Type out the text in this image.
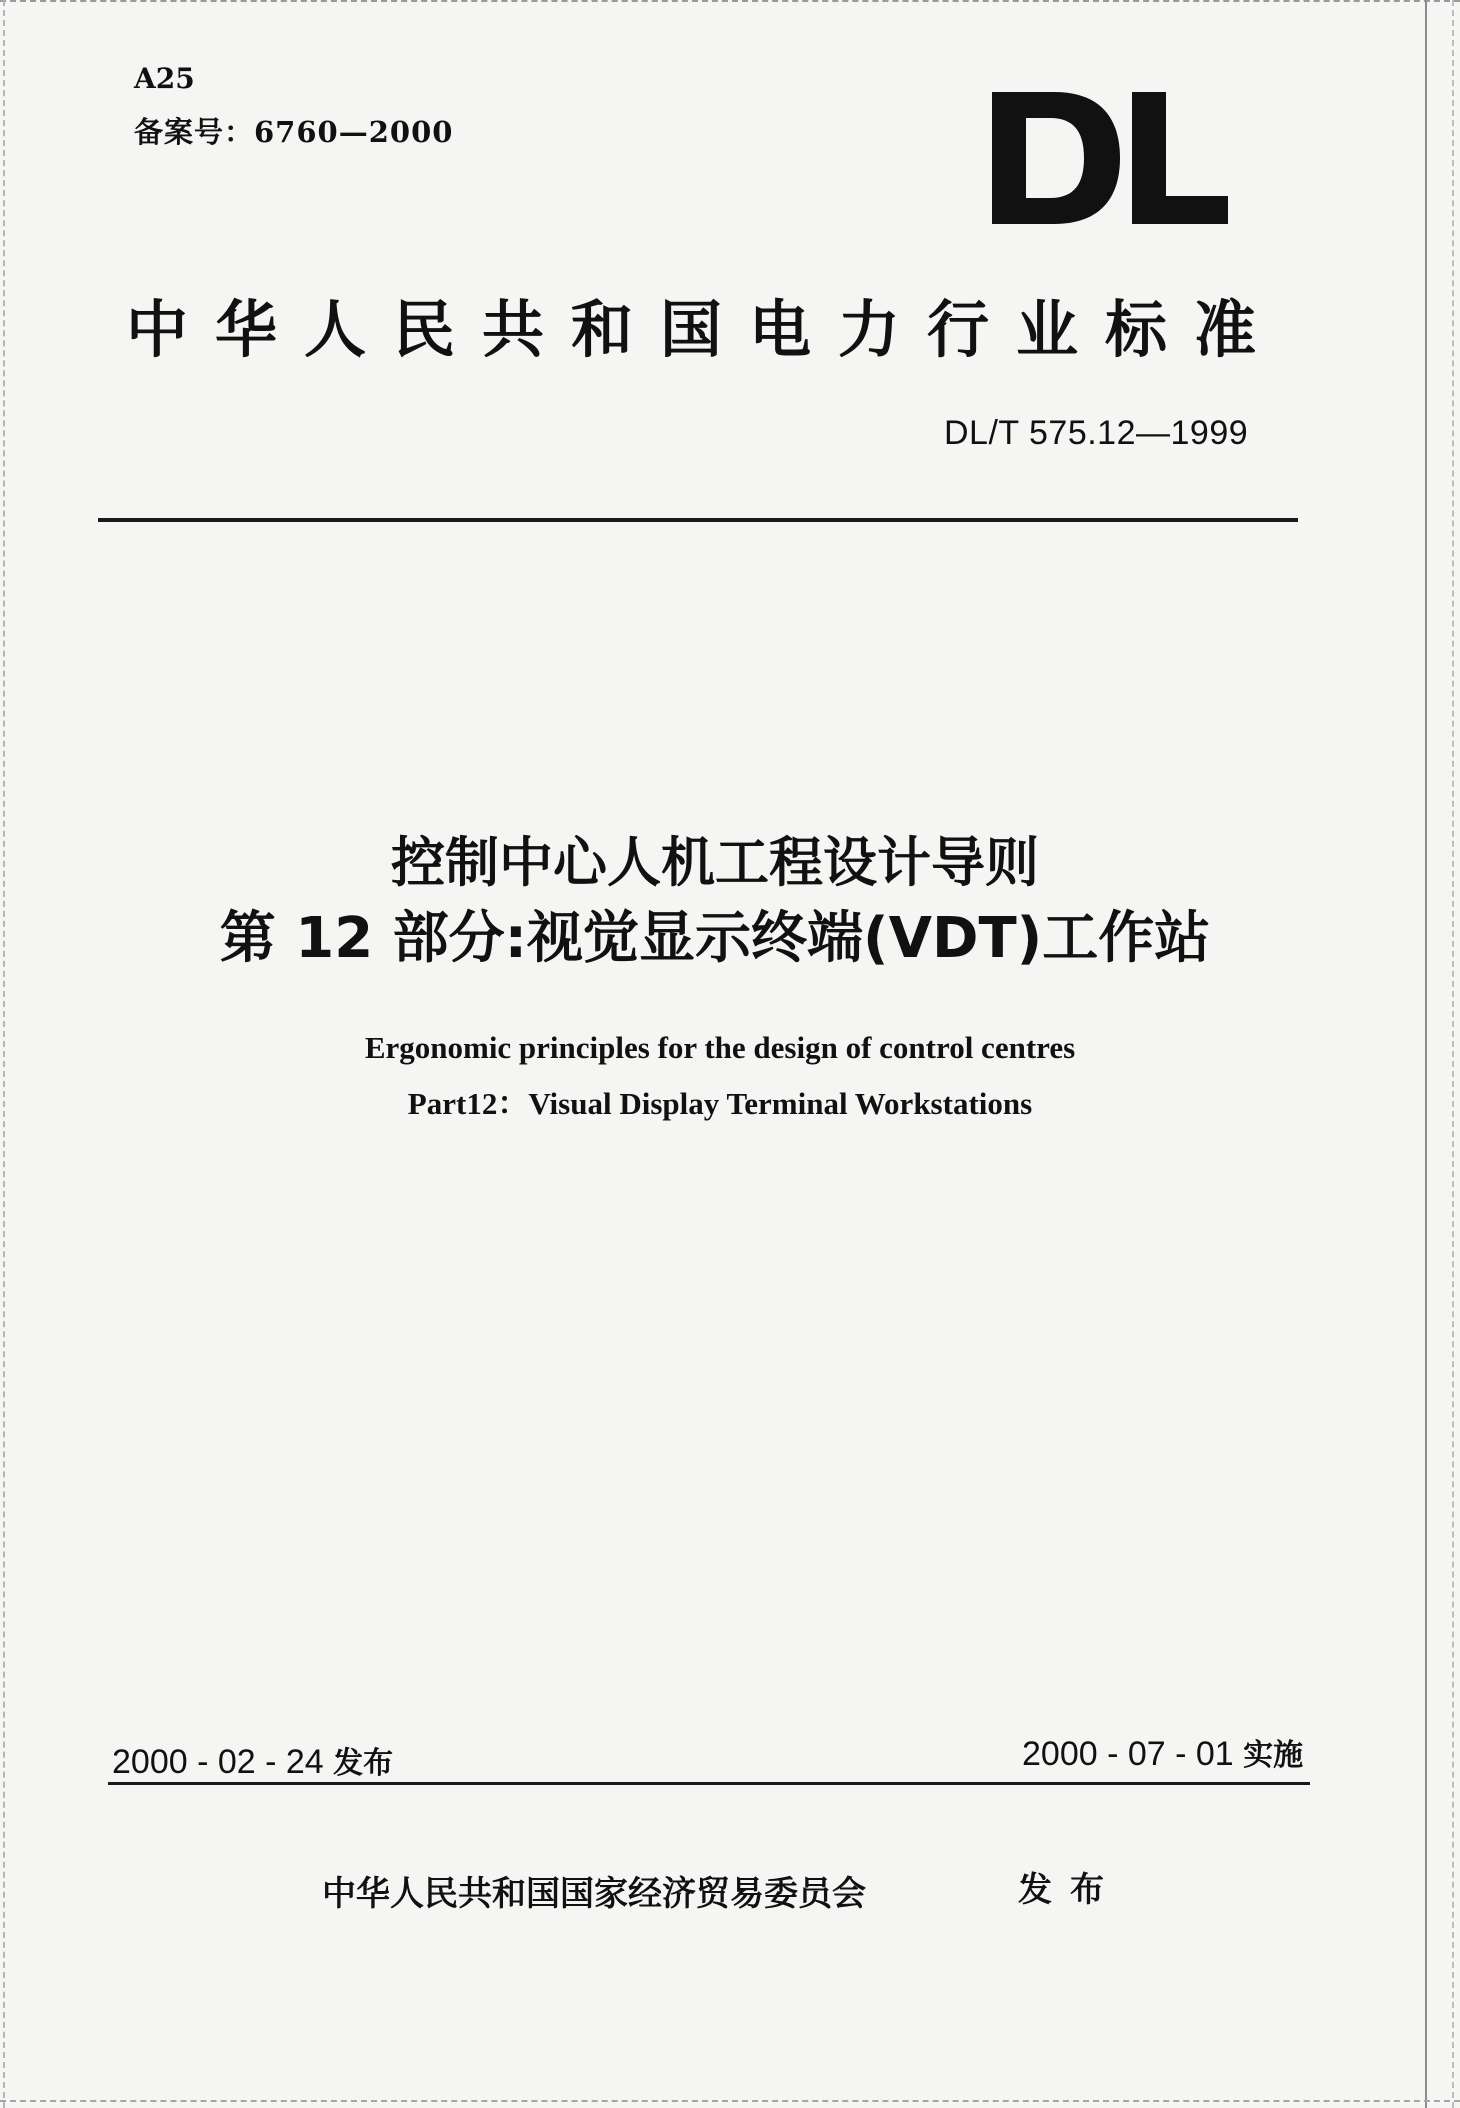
A25
备案号：6760—2000
中华人民共和国电力行业标准
DL/T 575.12—1999
控制中心人机工程设计导则
第 12 部分:视觉显示终端(VDT)工作站
Ergonomic principles for the design of control centres
Part12：Visual Display Terminal Workstations
2000 - 02 - 24 发布	2000 - 07 - 01 实施
中华人民共和国国家经济贸易委员会	发布
